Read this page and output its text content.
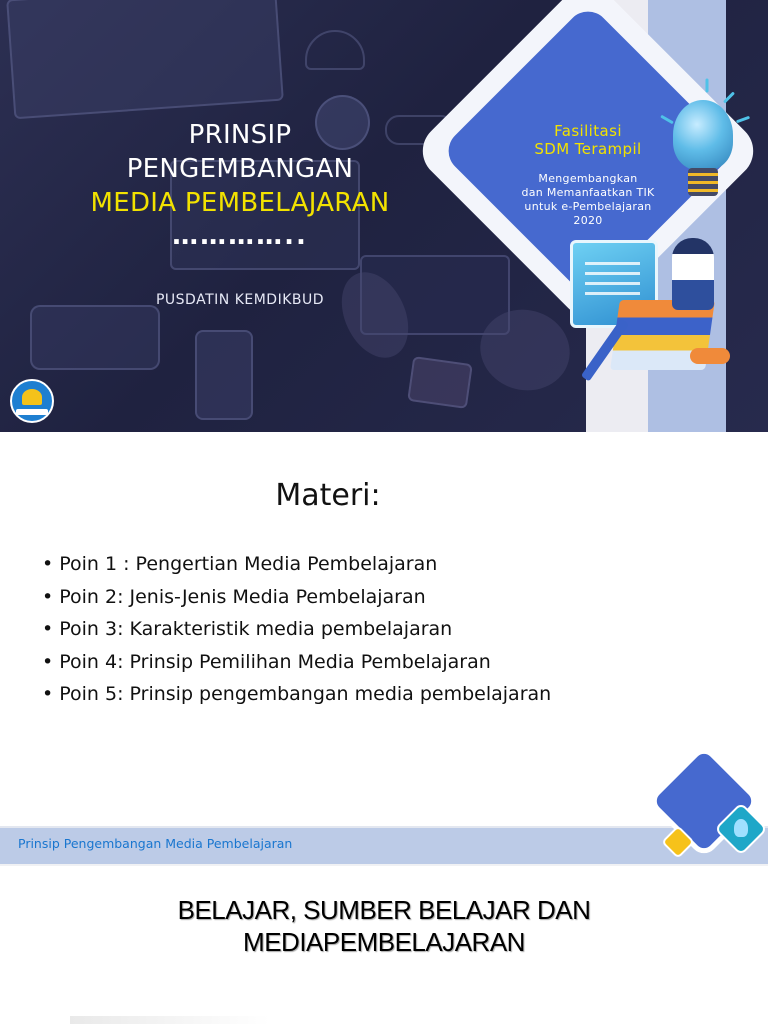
PRINSIP
PENGEMBANGAN
MEDIA PEMBELAJARAN
…………..
PUSDATIN KEMDIKBUD
Fasilitasi
SDM Terampil
Mengembangkan
dan Memanfaatkan TIK
untuk e-Pembelajaran
2020
Materi:
• Poin 1 : Pengertian Media Pembelajaran
• Poin 2: Jenis-Jenis Media Pembelajaran
• Poin 3: Karakteristik media pembelajaran
• Poin 4: Prinsip Pemilihan Media Pembelajaran
• Poin 5: Prinsip pengembangan media pembelajaran
Prinsip Pengembangan Media Pembelajaran
BELAJAR, SUMBER BELAJAR DAN
MEDIAPEMBELAJARAN
